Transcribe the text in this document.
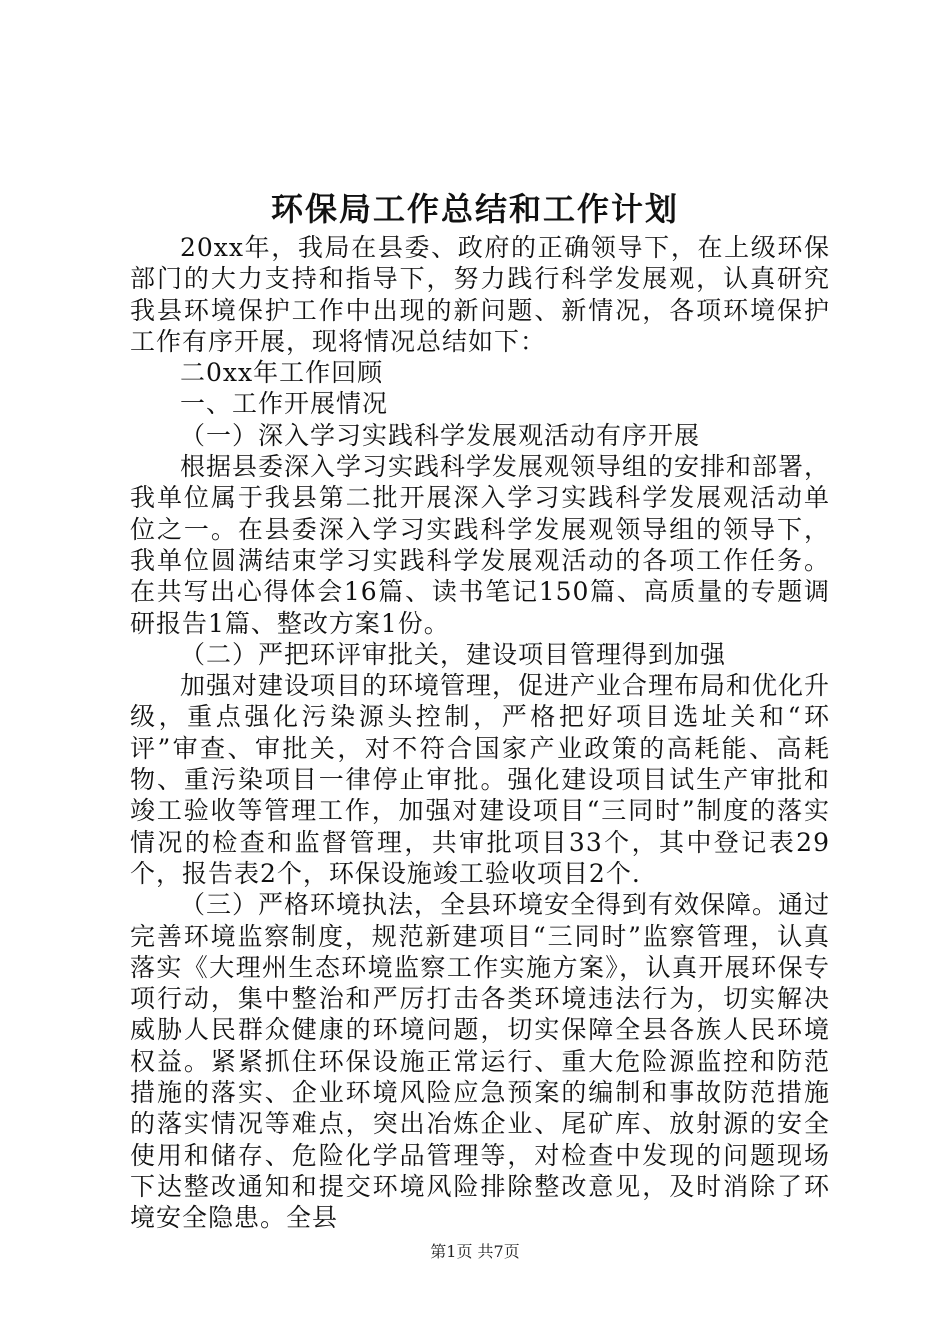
环保局工作总结和工作计划

20xx年，我局在县委、政府的正确领导下，在上级环保部门的大力支持和指导下，努力践行科学发展观，认真研究我县环境保护工作中出现的新问题、新情况，各项环境保护工作有序开展，现将情况总结如下：

二0xx年工作回顾

一、工作开展情况

（一）深入学习实践科学发展观活动有序开展

根据县委深入学习实践科学发展观领导组的安排和部署，我单位属于我县第二批开展深入学习实践科学发展观活动单位之一。在县委深入学习实践科学发展观领导组的领导下，我单位圆满结束学习实践科学发展观活动的各项工作任务。在共写出心得体会16篇、读书笔记150篇、高质量的专题调研报告1篇、整改方案1份。

（二）严把环评审批关，建设项目管理得到加强

加强对建设项目的环境管理，促进产业合理布局和优化升级，重点强化污染源头控制，严格把好项目选址关和“环评”审查、审批关，对不符合国家产业政策的高耗能、高耗物、重污染项目一律停止审批。强化建设项目试生产审批和竣工验收等管理工作，加强对建设项目“三同时”制度的落实情况的检查和监督管理，共审批项目33个，其中登记表29个，报告表2个，环保设施竣工验收项目2个.

（三）严格环境执法，全县环境安全得到有效保障。通过完善环境监察制度，规范新建项目“三同时”监察管理，认真落实《大理州生态环境监察工作实施方案》，认真开展环保专项行动，集中整治和严厉打击各类环境违法行为，切实解决威胁人民群众健康的环境问题，切实保障全县各族人民环境权益。紧紧抓住环保设施正常运行、重大危险源监控和防范措施的落实、企业环境风险应急预案的编制和事故防范措施的落实情况等难点，突出冶炼企业、尾矿库、放射源的安全使用和储存、危险化学品管理等，对检查中发现的问题现场下达整改通知和提交环境风险排除整改意见，及时消除了环境安全隐患。全县

第1页 共7页
